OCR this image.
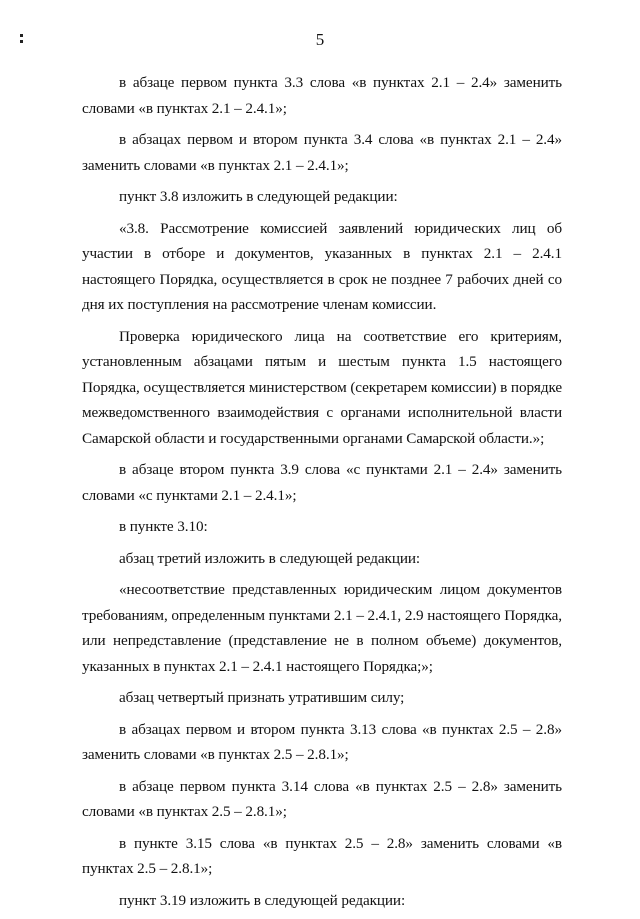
5

в абзаце первом пункта 3.3 слова «в пунктах 2.1 – 2.4» заменить словами «в пунктах 2.1 – 2.4.1»;

в абзацах первом и втором пункта 3.4 слова «в пунктах 2.1 – 2.4» заменить словами «в пунктах 2.1 – 2.4.1»;

пункт 3.8 изложить в следующей редакции:

«3.8. Рассмотрение комиссией заявлений юридических лиц об участии в отборе и документов, указанных в пунктах 2.1 – 2.4.1 настоящего Порядка, осуществляется в срок не позднее 7 рабочих дней со дня их поступления на рассмотрение членам комиссии.

Проверка юридического лица на соответствие его критериям, установленным абзацами пятым и шестым пункта 1.5 настоящего Порядка, осуществляется министерством (секретарем комиссии) в порядке межведомственного взаимодействия с органами исполнительной власти Самарской области и государственными органами Самарской области.»;

в абзаце втором пункта 3.9 слова «с пунктами 2.1 – 2.4» заменить словами «с пунктами 2.1 – 2.4.1»;

в пункте 3.10:

абзац третий изложить в следующей редакции:

«несоответствие представленных юридическим лицом документов требованиям, определенным пунктами 2.1 – 2.4.1, 2.9 настоящего Порядка, или непредставление (представление не в полном объеме) документов, указанных в пунктах 2.1 – 2.4.1 настоящего Порядка;»;

абзац четвертый признать утратившим силу;

в абзацах первом и втором пункта 3.13 слова «в пунктах 2.5 – 2.8» заменить словами «в пунктах 2.5 – 2.8.1»;

в абзаце первом пункта 3.14 слова «в пунктах 2.5 – 2.8» заменить словами «в пунктах 2.5 – 2.8.1»;

в пункте 3.15 слова «в пунктах 2.5 – 2.8» заменить словами «в пунктах 2.5 – 2.8.1»;

пункт 3.19 изложить в следующей редакции:
